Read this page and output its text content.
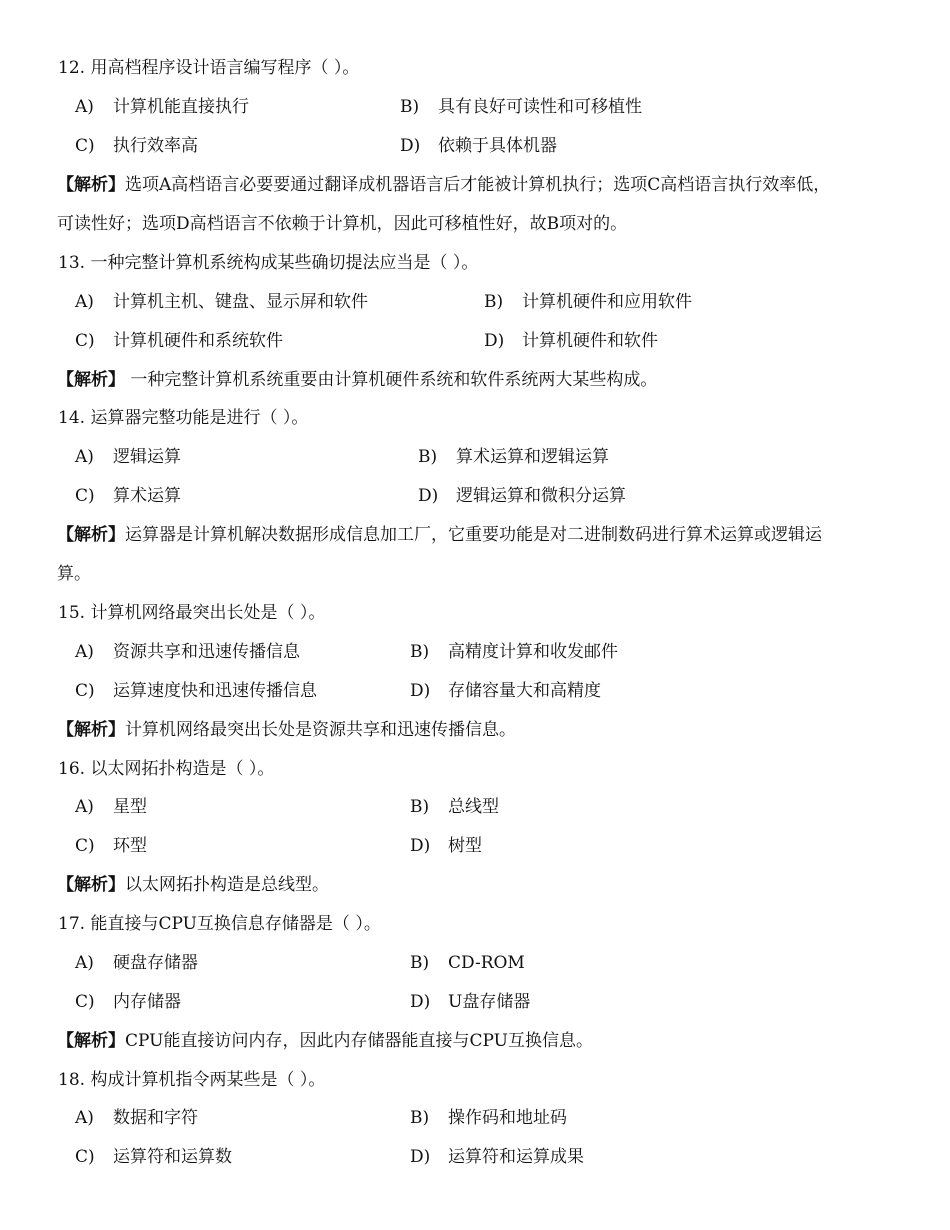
12. 用高档程序设计语言编写程序（ ）。
A) 计算机能直接执行	B) 具有良好可读性和可移植性
C) 执行效率高	D) 依赖于具体机器
【解析】选项A高档语言必要要通过翻译成机器语言后才能被计算机执行；选项C高档语言执行效率低，
可读性好；选项D高档语言不依赖于计算机，因此可移植性好，故B项对的。
13. 一种完整计算机系统构成某些确切提法应当是（ ）。
A) 计算机主机、键盘、显示屏和软件	B) 计算机硬件和应用软件
C) 计算机硬件和系统软件	D) 计算机硬件和软件
【解析】 一种完整计算机系统重要由计算机硬件系统和软件系统两大某些构成。
14. 运算器完整功能是进行（ ）。
A) 逻辑运算	B) 算术运算和逻辑运算
C) 算术运算	D) 逻辑运算和微积分运算
【解析】运算器是计算机解决数据形成信息加工厂，它重要功能是对二进制数码进行算术运算或逻辑运
算。
15. 计算机网络最突出长处是（ ）。
A) 资源共享和迅速传播信息	B) 高精度计算和收发邮件
C) 运算速度快和迅速传播信息	D) 存储容量大和高精度
【解析】计算机网络最突出长处是资源共享和迅速传播信息。
16. 以太网拓扑构造是（ ）。
A) 星型	B) 总线型
C) 环型	D) 树型
【解析】以太网拓扑构造是总线型。
17. 能直接与CPU互换信息存储器是（ ）。
A) 硬盘存储器	B) CD-ROM
C) 内存储器	D) U盘存储器
【解析】CPU能直接访问内存，因此内存储器能直接与CPU互换信息。
18. 构成计算机指令两某些是（ ）。
A) 数据和字符	B) 操作码和地址码
C) 运算符和运算数	D) 运算符和运算成果
